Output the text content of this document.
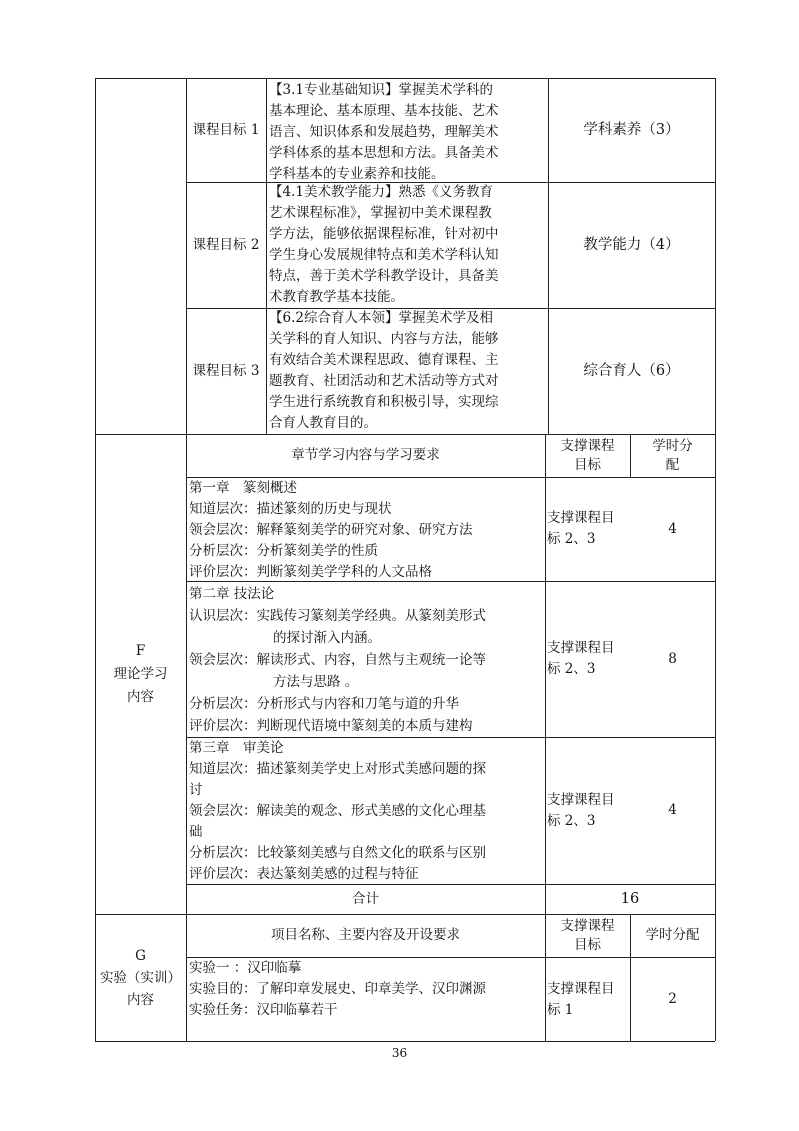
课程目标 1
【3.1专业基础知识】掌握美术学科的
基本理论、基本原理、基本技能、艺术
语言、知识体系和发展趋势，理解美术
学科体系的基本思想和方法。具备美术
学科基本的专业素养和技能。
学科素养（3）
课程目标 2
【4.1美术教学能力】熟悉《义务教育
艺术课程标准》，掌握初中美术课程教
学方法，能够依据课程标准，针对初中
学生身心发展规律特点和美术学科认知
特点，善于美术学科教学设计，具备美
术教育教学基本技能。
教学能力（4）
课程目标 3
【6.2综合育人本领】掌握美术学及相
关学科的育人知识、内容与方法，能够
有效结合美术课程思政、德育课程、主
题教育、社团活动和艺术活动等方式对
学生进行系统教育和积极引导，实现综
合育人教育目的。
综合育人（6）
F
理论学习
内容
章节学习内容与学习要求
支撑课程
目标
学时分
配
第一章　篆刻概述
知道层次：描述篆刻的历史与现状
领会层次：解释篆刻美学的研究对象、研究方法
分析层次：分析篆刻美学的性质
评价层次：判断篆刻美学学科的人文品格
支撑课程目
标 2、3
4
第二章 技法论
认识层次：实践传习篆刻美学经典。从篆刻美形式
的探讨渐入内涵。
领会层次：解读形式、内容，自然与主观统一论等
方法与思路 。
分析层次：分析形式与内容和刀笔与道的升华
评价层次：判断现代语境中篆刻美的本质与建构
支撑课程目
标 2、3
8
第三章　审美论
知道层次：描述篆刻美学史上对形式美感问题的探
讨
领会层次：解读美的观念、形式美感的文化心理基
础
分析层次：比较篆刻美感与自然文化的联系与区别
评价层次：表达篆刻美感的过程与特征
支撑课程目
标 2、3
4
合计	16
G
实验（实训）
内容
项目名称、主要内容及开设要求
支撑课程
目标
学时分配
实验一 ：汉印临摹
实验目的：了解印章发展史、印章美学、汉印渊源
实验任务：汉印临摹若干
支撑课程目
标 1
2
36
